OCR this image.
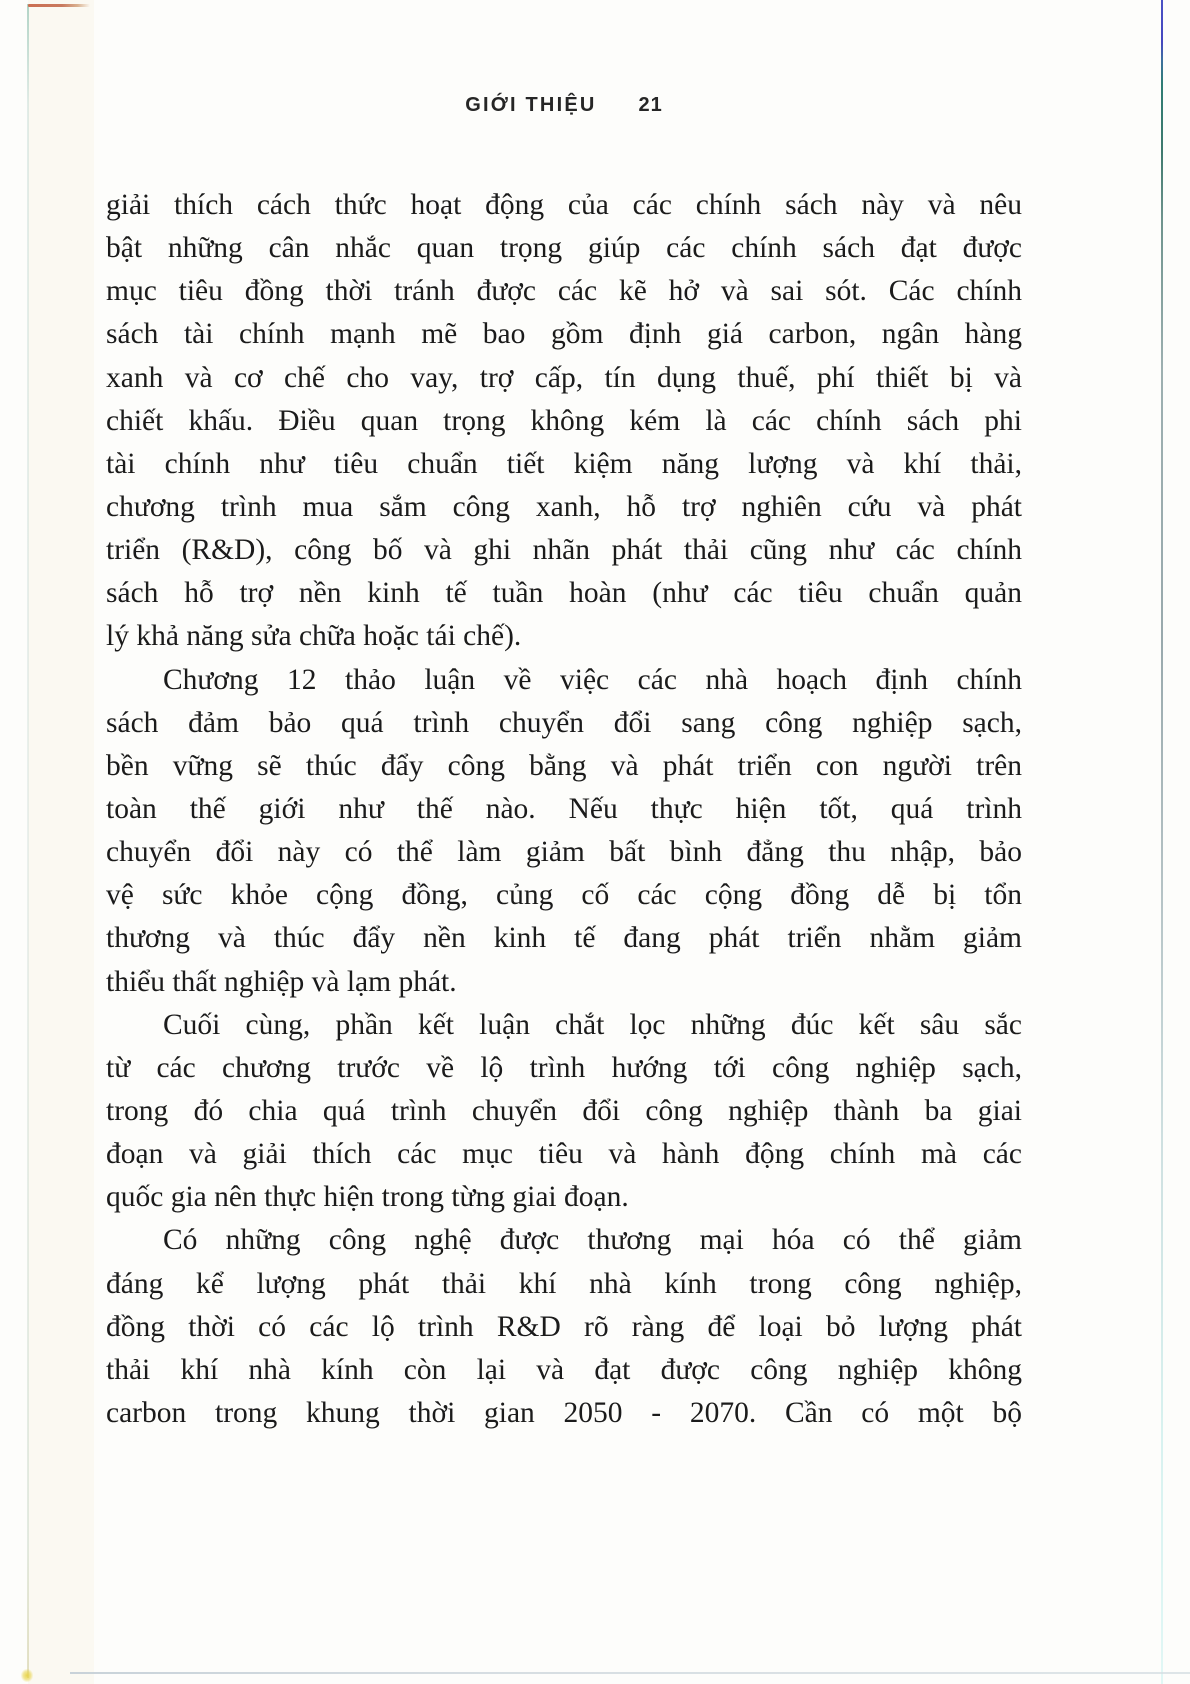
GIỚI THIỆU 21
giải thích cách thức hoạt động của các chính sách này và nêu
bật những cân nhắc quan trọng giúp các chính sách đạt được
mục tiêu đồng thời tránh được các kẽ hở và sai sót. Các chính
sách tài chính mạnh mẽ bao gồm định giá carbon, ngân hàng
xanh và cơ chế cho vay, trợ cấp, tín dụng thuế, phí thiết bị và
chiết khấu. Điều quan trọng không kém là các chính sách phi
tài chính như tiêu chuẩn tiết kiệm năng lượng và khí thải,
chương trình mua sắm công xanh, hỗ trợ nghiên cứu và phát
triển (R&D), công bố và ghi nhãn phát thải cũng như các chính
sách hỗ trợ nền kinh tế tuần hoàn (như các tiêu chuẩn quản
lý khả năng sửa chữa hoặc tái chế).
Chương 12 thảo luận về việc các nhà hoạch định chính
sách đảm bảo quá trình chuyển đổi sang công nghiệp sạch,
bền vững sẽ thúc đẩy công bằng và phát triển con người trên
toàn thế giới như thế nào. Nếu thực hiện tốt, quá trình
chuyển đổi này có thể làm giảm bất bình đẳng thu nhập, bảo
vệ sức khỏe cộng đồng, củng cố các cộng đồng dễ bị tổn
thương và thúc đẩy nền kinh tế đang phát triển nhằm giảm
thiểu thất nghiệp và lạm phát.
Cuối cùng, phần kết luận chắt lọc những đúc kết sâu sắc
từ các chương trước về lộ trình hướng tới công nghiệp sạch,
trong đó chia quá trình chuyển đổi công nghiệp thành ba giai
đoạn và giải thích các mục tiêu và hành động chính mà các
quốc gia nên thực hiện trong từng giai đoạn.
Có những công nghệ được thương mại hóa có thể giảm
đáng kể lượng phát thải khí nhà kính trong công nghiệp,
đồng thời có các lộ trình R&D rõ ràng để loại bỏ lượng phát
thải khí nhà kính còn lại và đạt được công nghiệp không
carbon trong khung thời gian 2050 - 2070. Cần có một bộ
